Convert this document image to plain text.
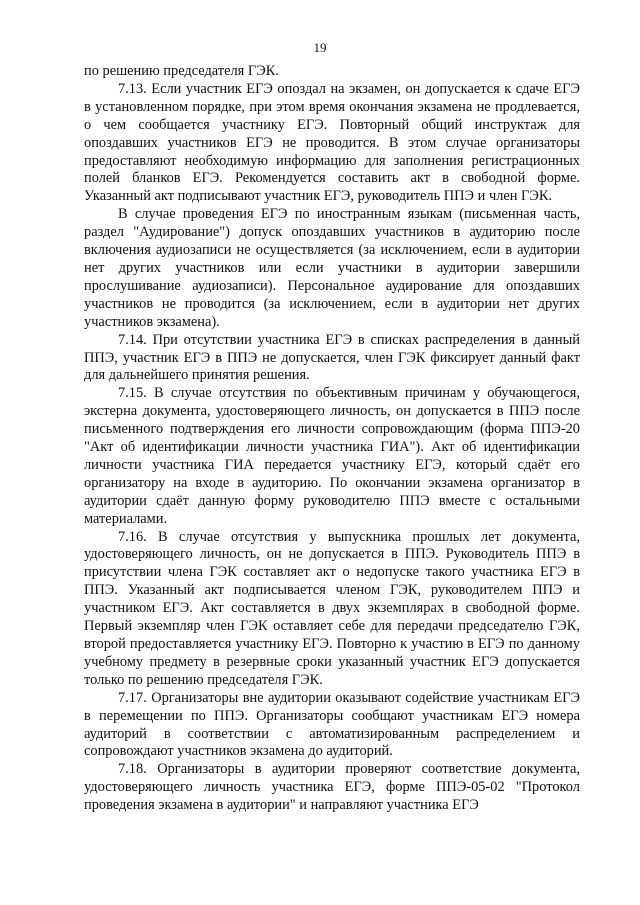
19

по решению председателя ГЭК.

7.13. Если участник ЕГЭ опоздал на экзамен, он допускается к сдаче ЕГЭ в установленном порядке, при этом время окончания экзамена не продлевается, о чем сообщается участнику ЕГЭ. Повторный общий инструктаж для опоздавших участников ЕГЭ не проводится. В этом случае организаторы предоставляют необходимую информацию для заполнения регистрационных полей бланков ЕГЭ. Рекомендуется составить акт в свободной форме. Указанный акт подписывают участник ЕГЭ, руководитель ППЭ и член ГЭК.

В случае проведения ЕГЭ по иностранным языкам (письменная часть, раздел "Аудирование") допуск опоздавших участников в аудиторию после включения аудиозаписи не осуществляется (за исключением, если в аудитории нет других участников или если участники в аудитории завершили прослушивание аудиозаписи). Персональное аудирование для опоздавших участников не проводится (за исключением, если в аудитории нет других участников экзамена).

7.14. При отсутствии участника ЕГЭ в списках распределения в данный ППЭ, участник ЕГЭ в ППЭ не допускается, член ГЭК фиксирует данный факт для дальнейшего принятия решения.

7.15. В случае отсутствия по объективным причинам у обучающегося, экстерна документа, удостоверяющего личность, он допускается в ППЭ после письменного подтверждения его личности сопровождающим (форма ППЭ-20 "Акт об идентификации личности участника ГИА"). Акт об идентификации личности участника ГИА передается участнику ЕГЭ, который сдаёт его организатору на входе в аудиторию. По окончании экзамена организатор в аудитории сдаёт данную форму руководителю ППЭ вместе с остальными материалами.

7.16. В случае отсутствия у выпускника прошлых лет документа, удостоверяющего личность, он не допускается в ППЭ. Руководитель ППЭ в присутствии члена ГЭК составляет акт о недопуске такого участника ЕГЭ в ППЭ. Указанный акт подписывается членом ГЭК, руководителем ППЭ и участником ЕГЭ. Акт составляется в двух экземплярах в свободной форме. Первый экземпляр член ГЭК оставляет себе для передачи председателю ГЭК, второй предоставляется участнику ЕГЭ. Повторно к участию в ЕГЭ по данному учебному предмету в резервные сроки указанный участник ЕГЭ допускается только по решению председателя ГЭК.

7.17. Организаторы вне аудитории оказывают содействие участникам ЕГЭ в перемещении по ППЭ. Организаторы сообщают участникам ЕГЭ номера аудиторий в соответствии с автоматизированным распределением и сопровождают участников экзамена до аудиторий.

7.18. Организаторы в аудитории проверяют соответствие документа, удостоверяющего личность участника ЕГЭ, форме ППЭ-05-02 "Протокол проведения экзамена в аудитории" и направляют участника ЕГЭ
